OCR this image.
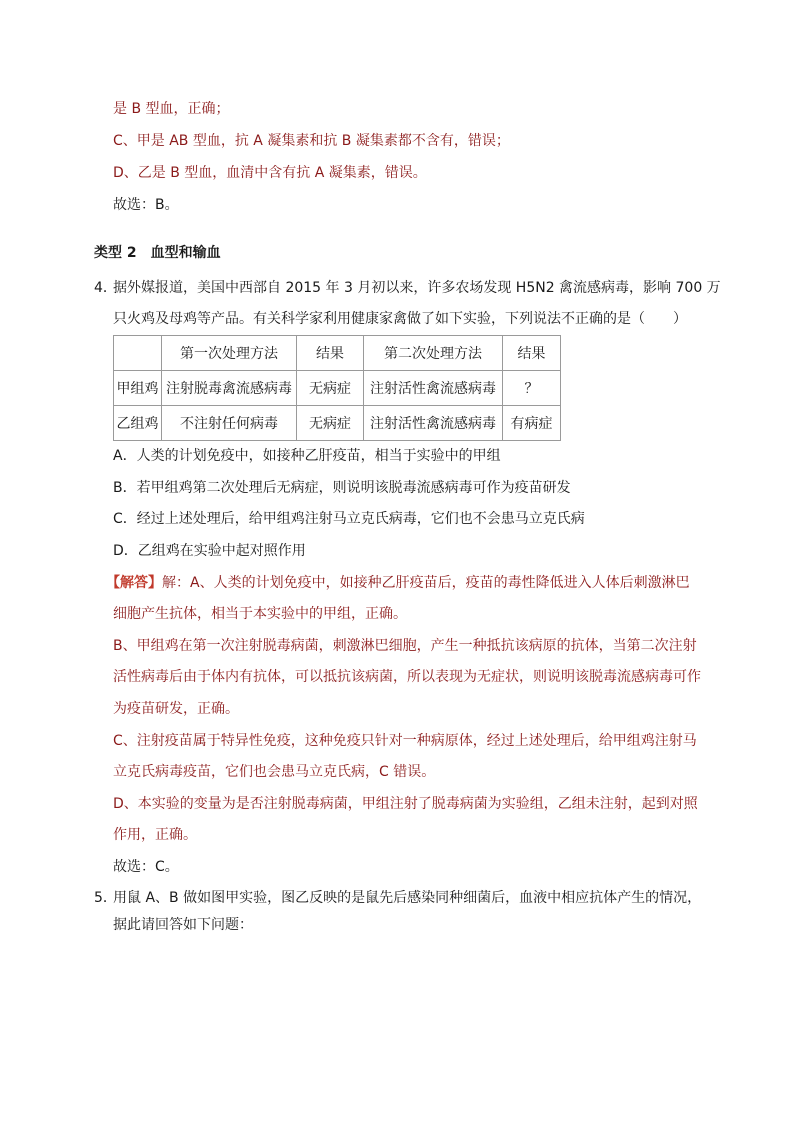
是 B 型血，正确；
C、甲是 AB 型血，抗 A 凝集素和抗 B 凝集素都不含有，错误；
D、乙是 B 型血，血清中含有抗 A 凝集素，错误。
故选：B。
类型 2　血型和输血
4．
据外媒报道，美国中西部自 2015 年 3 月初以来，许多农场发现 H5N2 禽流感病毒，影响 700 万
只火鸡及母鸡等产品。有关科学家利用健康家禽做了如下实验，下列说法不正确的是（　　）
	第一次处理方法	结果	第二次处理方法	结果
甲组鸡	注射脱毒禽流感病毒	无病症	注射活性禽流感病毒	？
乙组鸡	不注射任何病毒	无病症	注射活性禽流感病毒	有病症
A．人类的计划免疫中，如接种乙肝疫苗，相当于实验中的甲组
B．若甲组鸡第二次处理后无病症，则说明该脱毒流感病毒可作为疫苗研发
C．经过上述处理后，给甲组鸡注射马立克氏病毒，它们也不会患马立克氏病
D．乙组鸡在实验中起对照作用
【解答】解：A、人类的计划免疫中，如接种乙肝疫苗后，疫苗的毒性降低进入人体后刺激淋巴
细胞产生抗体，相当于本实验中的甲组，正确。
B、甲组鸡在第一次注射脱毒病菌，刺激淋巴细胞，产生一种抵抗该病原的抗体，当第二次注射
活性病毒后由于体内有抗体，可以抵抗该病菌，所以表现为无症状，则说明该脱毒流感病毒可作
为疫苗研发，正确。
C、注射疫苗属于特异性免疫，这种免疫只针对一种病原体，经过上述处理后，给甲组鸡注射马
立克氏病毒疫苗，它们也会患马立克氏病，C 错误。
D、本实验的变量为是否注射脱毒病菌，甲组注射了脱毒病菌为实验组，乙组未注射，起到对照
作用，正确。
故选：C。
5．
用鼠 A、B 做如图甲实验，图乙反映的是鼠先后感染同种细菌后，血液中相应抗体产生的情况，
据此请回答如下问题：
